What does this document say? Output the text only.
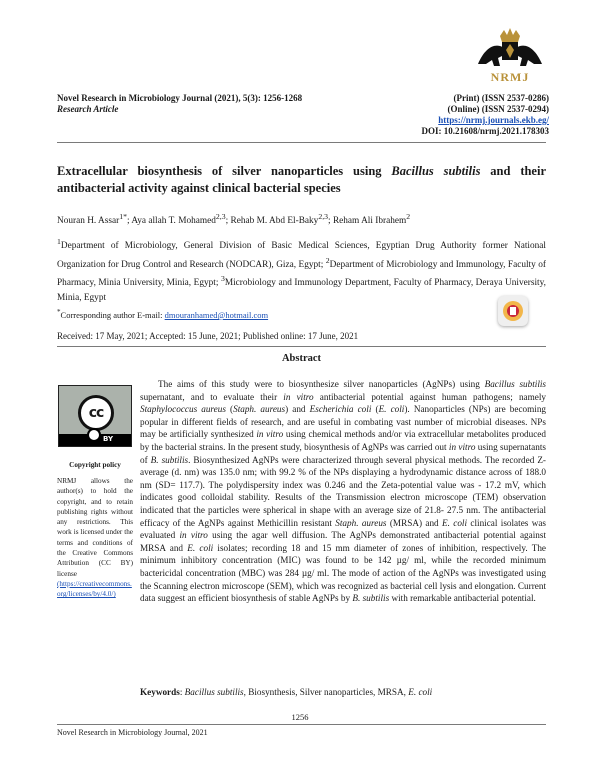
NRMJ
Novel Research in Microbiology Journal (2021), 5(3): 1256-1268
Research Article
(Print) (ISSN 2537-0286)
(Online) (ISSN 2537-0294)
https://nrmj.journals.ekb.eg/
DOI: 10.21608/nrmj.2021.178303
Extracellular biosynthesis of silver nanoparticles using Bacillus subtilis and their antibacterial activity against clinical bacterial species
Nouran H. Assar$^{1*}$; Aya allah T. Mohamed$^{2,3}$; Rehab M. Abd El-Baky$^{2,3}$; Reham Ali Ibrahem$^2$
$^1$Department of Microbiology, General Division of Basic Medical Sciences, Egyptian Drug Authority former National Organization for Drug Control and Research (NODCAR), Giza, Egypt; $^2$Department of Microbiology and Immunology, Faculty of Pharmacy, Minia University, Minia, Egypt; $^3$Microbiology and Immunology Department, Faculty of Pharmacy, Deraya University, Minia, Egypt
*Corresponding author E-mail: dmouranhamed@hotmail.com
Received: 17 May, 2021; Accepted: 15 June, 2021; Published online: 17 June, 2021
Abstract
cc
BY
Copyright policy
NRMJ allows the author(s) to hold the copyright, and to retain publishing rights without any restrictions. This work is licensed under the terms and conditions of the Creative Commons Attribution (CC BY) license
(https://creativecommons.org/licenses/by/4.0/)
The aims of this study were to biosynthesize silver nanoparticles (AgNPs) using Bacillus subtilis supernatant, and to evaluate their in vitro antibacterial potential against human pathogens; namely Staphylococcus aureus (Staph. aureus) and Escherichia coli (E. coli). Nanoparticles (NPs) are becoming popular in different fields of research, and are useful in combating vast number of microbial diseases. NPs may be artificially synthesized in vitro using chemical methods and/or via extracellular metabolites produced by the bacterial strains. In the present study, biosynthesis of AgNPs was carried out in vitro using supernatants of B. subtilis. Biosynthesized AgNPs were characterized through several physical methods. The recorded Z-average (d. nm) was 135.0 nm; with 99.2 % of the NPs displaying a hydrodynamic distance across of 188.0 nm (SD= 117.7). The polydispersity index was 0.246 and the Zeta-potential value was - 17.2 mV, which indicates good colloidal stability. Results of the Transmission electron microscope (TEM) observation indicated that the particles were spherical in shape with an average size of 21.8- 27.5 nm. The antibacterial efficacy of the AgNPs against Methicillin resistant Staph. aureus (MRSA) and E. coli clinical isolates was evaluated in vitro using the agar well diffusion. The AgNPs demonstrated antibacterial potential against MRSA and E. coli isolates; recording 18 and 15 mm diameter of zones of inhibition, respectively. The minimum inhibitory concentration (MIC) was found to be 142 µg/ ml, while the recorded minimum bactericidal concentration (MBC) was 284 µg/ ml. The mode of action of the AgNPs was investigated using the Scanning electron microscope (SEM), which was recognized as bacterial cell lysis and elongation. Current data suggest an efficient biosynthesis of stable AgNPs by B. subtilis with remarkable antibacterial potential.
Keywords: Bacillus subtilis, Biosynthesis, Silver nanoparticles, MRSA, E. coli
1256
Novel Research in Microbiology Journal, 2021
